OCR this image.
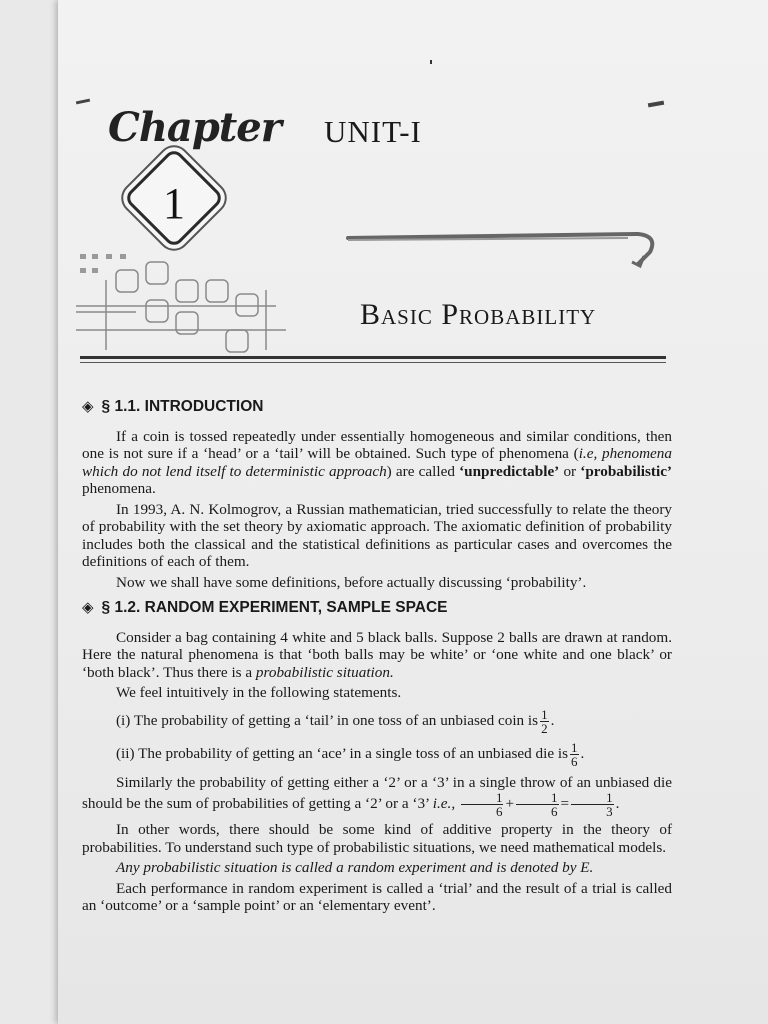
Chapter
1
UNIT-I
Basic Probability
◈ § 1.1. INTRODUCTION

If a coin is tossed repeatedly under essentially homogeneous and similar conditions, then one is not sure if a ‘head’ or a ‘tail’ will be obtained. Such type of phenomena (i.e, phenomena which do not lend itself to deterministic approach) are called ‘unpredictable’ or ‘probabilistic’ phenomena.

In 1993, A. N. Kolmogrov, a Russian mathematician, tried successfully to relate the theory of probability with the set theory by axiomatic approach. The axiomatic definition of probability includes both the classical and the statistical definitions as particular cases and overcomes the definitions of each of them.

Now we shall have some definitions, before actually discussing ‘probability’.

◈ § 1.2. RANDOM EXPERIMENT, SAMPLE SPACE

Consider a bag containing 4 white and 5 black balls. Suppose 2 balls are drawn at random. Here the natural phenomena is that ‘both balls may be white’ or ‘one white and one black’ or ‘both black’. Thus there is a probabilistic situation.

We feel intuitively in the following statements.

(i) The probability of getting a ‘tail’ in one toss of an unbiased coin is $\frac{1}{2}$ .
(ii) The probability of getting an ‘ace’ in a single toss of an unbiased die is $\frac{1}{6}$ .

Similarly the probability of getting either a ‘2’ or a ‘3’ in a single throw of an unbiased die should be the sum of probabilities of getting a ‘2’ or a ‘3’ i.e., $\frac{1}{6} + \frac{1}{6} = \frac{1}{3}$ .

In other words, there should be some kind of additive property in the theory of probabilities. To understand such type of probabilistic situations, we need mathematical models.

Any probabilistic situation is called a random experiment and is denoted by E.

Each performance in random experiment is called a ‘trial’ and the result of a trial is called an ‘outcome’ or a ‘sample point’ or an ‘elementary event’.
